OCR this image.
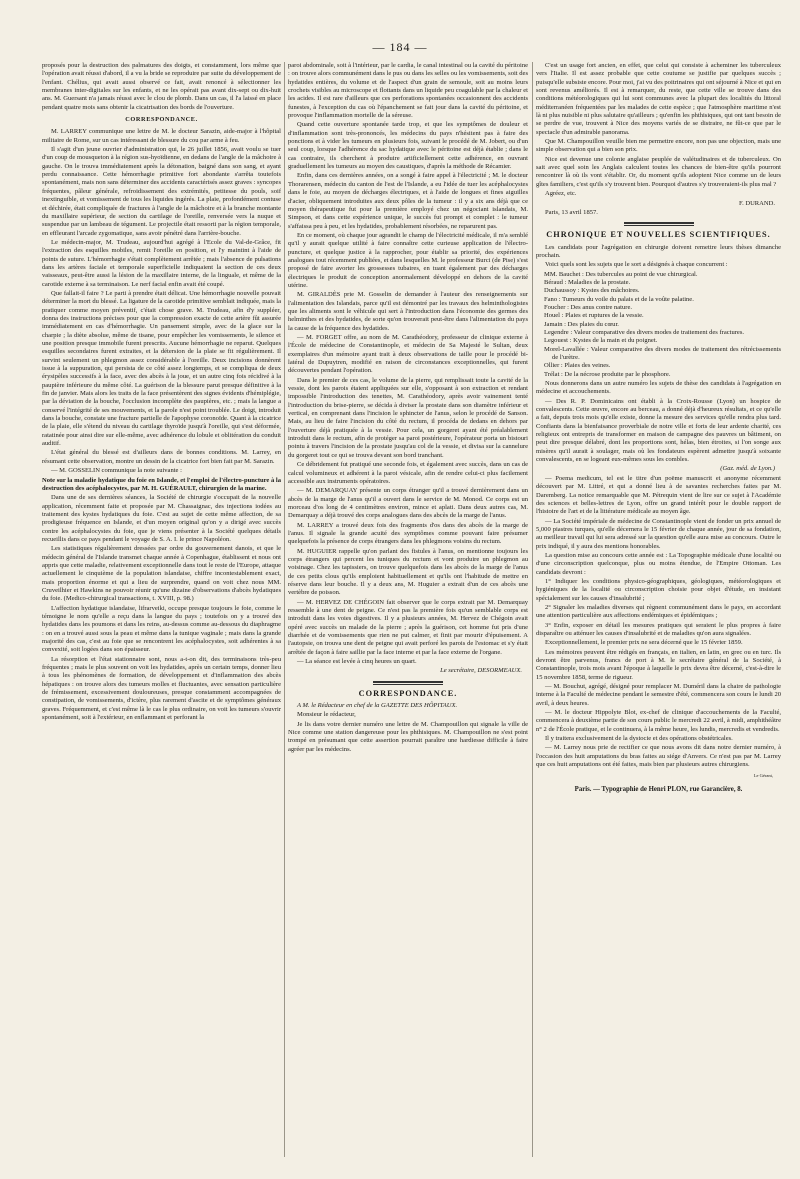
— 184 —

proposés pour la destruction des palmatures des doigts, et constamment, lors même que l'opération avait réussi d'abord, il a vu la bride se reproduire par suite du développement de l'enfant. Chélius, qui avait aussi observé ce fait, avait renoncé à sélectionner les membranes inter-digitales sur les enfants, et ne les opérait pas avant dix-sept ou dix-huit ans. M. Guersant n'a jamais réussi avec le clou de plomb. Dans un cas, il l'a laissé en place pendant quatre mois sans obtenir la cicatrisation des bords de l'ouverture.

CORRESPONDANCE.

M. LARREY communique une lettre de M. le docteur Sarazin, aide-major à l'hôpital militaire de Rome, sur un cas intéressant de blessure du cou par arme à feu.

Il s'agit d'un jeune ouvrier d'administration qui, le 26 juillet 1856, avait voulu se tuer d'un coup de mousqueton à la région sus-hyoïdienne, en dedans de l'angle de la mâchoire à gauche. On le trouva immédiatement après la détonation, baigné dans son sang, et ayant perdu connaissance. Cette hémorrhagie primitive fort abondante s'arrêta toutefois spontanément, mais non sans déterminer des accidents caractérisés assez graves : syncopes fréquentes, pâleur générale, refroidissement des extrémités, petitesse du pouls, soif inextinguible, et vomissement de tous les liquides ingérés. La plaie, profondément contuse et déchirée, était compliquée de fractures à l'angle de la mâchoire et à la branche montante du maxillaire supérieur, de section du cartilage de l'oreille, renversée vers la nuque et suspendue par un lambeau de tégument. Le projectile était ressorti par la région temporale, en effleurant l'arcade zygomatique, sans avoir pénétré dans l'arrière-bouche.

Le médecin-major, M. Trudeau, aujourd'hui agrégé à l'Ecole du Val-de-Grâce, fit l'extraction des esquilles mobiles, remit l'oreille en position, et l'y maintint à l'aide de points de suture. L'hémorrhagie s'était complètement arrêtée ; mais l'absence de pulsations dans les artères faciale et temporale superficielle indiquaient la section de ces deux vaisseaux, peut-être aussi la lésion de la maxillaire interne, de la linguale, et même de la carotide externe à sa terminaison. Le nerf facial enfin avait été coupé.

Que fallait-il faire ? Le parti à prendre était délicat. Une hémorrhagie nouvelle pouvait déterminer la mort du blessé. La ligature de la carotide primitive semblait indiquée, mais la pratiquer comme moyen préventif, c'était chose grave. M. Trudeau, afin d'y suppléer, donna des instructions précises pour que la compression exacte de cette artère fût assurée immédiatement en cas d'hémorrhagie. Un pansement simple, avec de la glace sur la charpie ; la diète absolue, même de tisane, pour empêcher les vomissements, le silence et une position presque immobile furent prescrits. Aucune hémorrhagie ne reparut. Quelques esquilles secondaires furent extraites, et la détersion de la plaie se fit régulièrement. Il survint seulement un phlegmon assez considérable à l'oreille. Deux incisions donnèrent issue à la suppuration, qui persista de ce côté assez longtemps, et se compliqua de deux érysipèles successifs à la face, avec des abcès à la joue, et un autre cinq fois récidivé à la paupière inférieure du même côté. La guérison de la blessure parut presque définitive à la fin de janvier. Mais alors les traits de la face présentèrent des signes évidents d'hémiplégie, par la déviation de la bouche, l'occlusion incomplète des paupières, etc. ; mais la langue a conservé l'intégrité de ses mouvements, et la parole n'est point troublée. Le doigt, introduit dans la bouche, constate une fracture partielle de l'apophyse coronoïde. Quant à la cicatrice de la plaie, elle s'étend du niveau du cartilage thyroïde jusqu'à l'oreille, qui s'est déformée, ratatinée pour ainsi dire sur elle-même, avec adhérence du lobule et oblitération du conduit auditif.

L'état général du blessé est d'ailleurs dans de bonnes conditions. M. Larrey, en résumant cette observation, montre un dessin de la cicatrice fort bien fait par M. Sarazin.

— M. GOSSELIN communique la note suivante :

Note sur la maladie hydatique du foie en Islande, et l'emploi de l'électro-puncture à la destruction des acéphalocystes, par M. H. GUÉRAULT, chirurgien de la marine.

Dans une de ses dernières séances, la Société de chirurgie s'occupait de la nouvelle application, récemment faite et proposée par M. Chassaignac, des injections iodées au traitement des kystes hydatiques du foie. C'est au sujet de cette même affection, de sa prodigieuse fréquence en Islande, et d'un moyen original qu'on y a dirigé avec succès contre les acéphalocystes du foie, que je viens présenter à la Société quelques détails recueillis dans ce pays pendant le voyage de S. A. I. le prince Napoléon.

Les statistiques régulièrement dressées par ordre du gouvernement danois, et que le médecin général de l'Islande transmet chaque année à Copenhague, établissent et nous ont appris que cette maladie, relativement exceptionnelle dans tout le reste de l'Europe, attaque actuellement le cinquième de la population islandaise, chiffre incontestablement exact, mais proportion énorme et qui a lieu de surprendre, quand on voit chez nous MM. Cruveilhier et Hawkins ne pouvoir réunir qu'une dizaine d'observations d'abcès hydatiques du foie. (Medico-chirurgical transactions, t. XVIII, p. 98.)

L'affection hydatique islandaise, lifrarveiki, occupe presque toujours le foie, comme le témoigne le nom qu'elle a reçu dans la langue du pays ; toutefois on y a trouvé des hydatides dans les poumons et dans les reins, au-dessus comme au-dessous du diaphragme : on en a trouvé aussi sous la peau et même dans la tunique vaginale ; mais dans la grande majorité des cas, c'est au foie que se rencontrent les acéphalocystes, soit adhérentes à sa convexité, soit logées dans son épaisseur.

La résorption et l'état stationnaire sont, nous a-t-on dit, des terminaisons très-peu fréquentes ; mais le plus souvent on voit les hydatides, après un certain temps, donner lieu à tous les phénomènes de formation, de développement et d'inflammation des abcès hépatiques : on trouve alors des tumeurs molles et fluctuantes, avec sensation particulière de frémissement, excessivement douloureuses, presque constamment accompagnées de constipation, de vomissements, d'ictère, plus rarement d'ascite et de symptômes généraux graves. Fréquemment, et c'est même là le cas le plus ordinaire, on voit les tumeurs s'ouvrir spontanément, soit à l'extérieur, en enflammant et perforant la

paroi abdominale, soit à l'intérieur, par le cardia, le canal intestinal ou la cavité du péritoine : on trouve alors communément dans le pus ou dans les selles ou les vomissements, soit des hydatides entières, du volume et de l'aspect d'un grain de semoule, soit au moins leurs crochets visibles au microscope et flottants dans un liquide peu coagulable par la chaleur et les acides. Il est rare d'ailleurs que ces perforations spontanées occasionnent des accidents funestes, à l'exception du cas où l'épanchement se fait jour dans la cavité du péritoine, et provoque l'inflammation mortelle de la séreuse.

Quand cette ouverture spontanée tarde trop, et que les symptômes de douleur et d'inflammation sont très-prononcés, les médecins du pays n'hésitent pas à faire des ponctions et à vider les tumeurs en plusieurs fois, suivant le procédé de M. Jobert, ou d'un seul coup, lorsque l'adhérence du sac hydatique avec le péritoine est déjà établie ; dans le cas contraire, ils cherchent à produire artificiellement cette adhérence, en ouvrant graduellement les tumeurs au moyen des caustiques, d'après la méthode de Récamier.

Enfin, dans ces dernières années, on a songé à faire appel à l'électricité ; M. le docteur Thorarensen, médecin du canton de l'est de l'Islande, a eu l'idée de tuer les acéphalocystes dans le foie, au moyen de décharges électriques, et à l'aide de longues et fines aiguilles d'acier, obliquement introduites aux deux pôles de la tumeur : il y a six ans déjà que ce moyen thérapeutique fut pour la première employé chez un négociant islandais, M. Simpson, et dans cette expérience unique, le succès fut prompt et complet : le tumeur s'affaissa peu à peu, et les hydatides, probablement résorbées, ne reparurent pas.

En ce moment, où chaque jour agrandit le champ de l'électricité médicale, il m'a semblé qu'il y aurait quelque utilité à faire connaître cette curieuse application de l'électro-puncture, et quelque justice à la rapprocher, pour établir sa priorité, des expériences analogues tout récemment publiées, et dans lesquelles M. le professeur Burci (de Pise) s'est proposé de faire avorter les grossesses tubaires, en tuant également par des décharges électriques le produit de conception anormalement développé en dehors de la cavité utérine.

M. GIRALDÈS prie M. Gosselin de demander à l'auteur des renseignements sur l'alimentation des Islandais, parce qu'il est démontré par les travaux des helminthologistes que les aliments sont le véhicule qui sert à l'introduction dans l'économie des germes des helminthes et des hydatides, de sorte qu'on trouverait peut-être dans l'alimentation du pays la cause de la fréquence des hydatides.

— M. FORGET offre, au nom de M. Carathéodory, professeur de clinique externe à l'École de médecine de Constantinople, et médecin de Sa Majesté le Sultan, deux exemplaires d'un mémoire ayant trait à deux observations de taille pour le procédé bi-latéral de Dupuytren, modifié en raison de circonstances exceptionnelles, qui furent découvertes pendant l'opération.

Dans le premier de ces cas, le volume de la pierre, qui remplissait toute la cavité de la vessie, dont les parois étaient appliquées sur elle, s'opposant à son extraction et rendant impossible l'introduction des tenettes, M. Carathéodory, après avoir vainement tenté l'introduction du brise-pierre, se décida à diviser la prostate dans son diamètre inférieur et vertical, en comprenant dans l'incision le sphincter de l'anus, selon le procédé de Sanson. Mais, au lieu de faire l'incision du côté du rectum, il procéda de dedans en dehors par l'ouverture déjà pratiquée à la vessie. Pour cela, un gorgeret ayant été préalablement introduit dans le rectum, afin de protéger sa paroi postérieure, l'opérateur porta un bistouri pointu à travers l'incision de la prostate jusqu'au col de la vessie, et divisa sur la cannelure du gorgeret tout ce qui se trouva devant son bord tranchant.

Ce débridement fut pratiqué une seconde fois, et également avec succès, dans un cas de calcul volumineux et adhérent à la paroi vésicale, afin de rendre celui-ci plus facilement accessible aux instruments opératoires.

— M. DEMARQUAY présente un corps étranger qu'il a trouvé dernièrement dans un abcès de la marge de l'anus qu'il a ouvert dans le service de M. Monod. Ce corps est un morceau d'os long de 4 centimètres environ, mince et aplati. Dans deux autres cas, M. Demarquay a déjà trouvé des corps analogues dans des abcès de la marge de l'anus.

M. LARREY a trouvé deux fois des fragments d'os dans des abcès de la marge de l'anus. Il signale la grande acuité des symptômes comme pouvant faire présumer quelquefois la présence de corps étrangers dans les phlegmons voisins du rectum.

M. HUGUIER rappelle qu'on parlant des fistules à l'anus, on mentionne toujours les corps étrangers qui percent les tuniques du rectum et vont produire un phlegmon au voisinage. Chez les tapissiers, on trouve quelquefois dans les abcès de la marge de l'anus de ces petits clous qu'ils emploient habituellement et qu'ils ont l'habitude de mettre en réserve dans leur bouche. Il y a deux ans, M. Huguier a extrait d'un de ces abcès une vertèbre de poisson.

— M. HERVEZ DE CHÉGOIN fait observer que le corps extrait par M. Demarquay ressemble à une dent de peigne. Ce n'est pas la première fois qu'un semblable corps est introduit dans les voies digestives. Il y a plusieurs années, M. Hervez de Chégoin avait opéré avec succès un malade de la pierre ; après la guérison, cet homme fut pris d'une diarrhée et de vomissements que rien ne put calmer, et finit par mourir d'épuisement. A l'autopsie, on trouva une dent de peigne qui avait perforé les parois de l'estomac et s'y était arrêtée de façon à faire saillie par la face interne et par la face externe de l'organe.

— La séance est levée à cinq heures un quart.

Le secrétaire, DESORMEAUX.

CORRESPONDANCE.

A M. le Rédacteur en chef de la GAZETTE DES HÔPITAUX.

Monsieur le rédacteur,

Je lis dans votre dernier numéro une lettre de M. Champouillon qui signale la ville de Nice comme une station dangereuse pour les phthisiques. M. Champouillon ne s'est point trompé en présumant que cette assertion pourrait paraître une hardiesse difficile à faire agréer par les médecins.

C'est un usage fort ancien, en effet, que celui qui consiste à acheminer les tuberculeux vers l'Italie. Il est assez probable que cette coutume se justifie par quelques succès ; puisqu'elle subsiste encore. Pour moi, j'ai vu des poitrinaires qui ont séjourné à Nice et qui en sont revenus améliorés. Il est à remarquer, du reste, que cette ville se trouve dans des conditions météorologiques qui lui sont communes avec la plupart des localités du littoral méditerranéen fréquentées par les malades de cette espèce ; que l'atmosphère maritime n'est là ni plus nuisible ni plus salutaire qu'ailleurs ; qu'enfin les phthisiques, qui ont tant besoin de se perdre de vue, trouvent à Nice des moyens variés de se distraire, ne fût-ce que par le spectacle d'un admirable panorama.

Que M. Champouillon veuille bien me permettre encore, non pas une objection, mais une simple observation qui a bien son prix.

Nice est devenue une colonie anglaise peuplée de valétudinaires et de tuberculeux. On sait avec quel soin les Anglais calculent toutes les chances de bien-être qu'ils pourront rencontrer là où ils vont s'établir. Or, du moment qu'ils adoptent Nice comme un de leurs gîtes familiers, c'est qu'ils s'y trouvent bien. Pourquoi d'autres s'y trouveraient-ils plus mal ?

Agréez, etc.

F. DURAND.

Paris, 13 avril 1857.

CHRONIQUE ET NOUVELLES SCIENTIFIQUES.

Les candidats pour l'agrégation en chirurgie doivent remettre leurs thèses dimanche prochain.

Voici quels sont les sujets que le sort a désignés à chaque concurrent :

MM. Bauchet : Des tubercules au point de vue chirurgical.

Béraud : Maladies de la prostate.

Duchaussoy : Kystes des mâchoires.

Fano : Tumeurs du voile du palais et de la voûte palatine.

Foucher : Des anus contre nature.

Houel : Plaies et ruptures de la vessie.

Jamain : Des plaies du cœur.

Legendre : Valeur comparative des divers modes de traitement des fractures.

Legouest : Kystes de la main et du poignet.

Morel-Lavallée : Valeur comparative des divers modes de traitement des rétrécissements de l'urètre.

Ollier : Plaies des veines.

Trélat : De la nécrose produite par le phosphore.

Nous donnerons dans un autre numéro les sujets de thèse des candidats à l'agrégation en médecine et accouchements.

— Des R. P. Dominicains ont établi à la Croix-Rousse (Lyon) un hospice de convalescents. Cette œuvre, encore au berceau, a donné déjà d'heureux résultats, et ce qu'elle a fait, depuis trois mois qu'elle existe, donne la mesure des services qu'elle rendra plus tard. Confiants dans la bienfaisance proverbiale de notre ville et forts de leur ardente charité, ces religieux ont entrepris de transformer en maison de campagne des pauvres un bâtiment, on peut dire presque délabré, dont les proportions sont, hélas, bien étroites, si l'on songe aux misères qu'il aurait à soulager, mais où les fondateurs espèrent admettre jusqu'à soixante convalescents, en se logeant eux-mêmes sous les combles.

(Gaz. méd. de Lyon.)

— Poema medicum, tel est le titre d'un poëme manuscrit et anonyme récemment découvert par M. Littré, et qui a donné lieu à de savantes recherches faites par M. Daremberg. La notice remarquable que M. Pétrequin vient de lire sur ce sujet à l'Académie des sciences et belles-lettres de Lyon, offre un grand intérêt pour le double rapport de l'histoire de l'art et de la littérature médicale au moyen âge.

— La Société impériale de médecine de Constantinople vient de fonder un prix annuel de 5,000 piastres turques, qu'elle décernera le 15 février de chaque année, jour de sa fondation, au meilleur travail qui lui sera adressé sur la question qu'elle aura mise au concours. Outre le prix indiqué, il y aura des mentions honorables.

La question mise au concours cette année est : La Topographie médicale d'une localité ou d'une circonscription quelconque, plus ou moins étendue, de l'Empire Ottoman. Les candidats devront :

1° Indiquer les conditions physico-géographiques, géologiques, météorologiques et hygiéniques de la localité ou circonscription choisie pour objet d'étude, en insistant spécialement sur les causes d'insalubrité ;

2° Signaler les maladies diverses qui règnent communément dans le pays, en accordant une attention particulière aux affections endémiques et épidémiques ;

3° Enfin, exposer en détail les mesures pratiques qui seraient le plus propres à faire disparaître ou atténuer les causes d'insalubrité et de maladies qu'on aura signalées.

Exceptionnellement, le premier prix ne sera décerné que le 15 février 1859.

Les mémoires peuvent être rédigés en français, en italien, en latin, en grec ou en turc. Ils devront être parvenus, francs de port à M. le secrétaire général de la Société, à Constantinople, trois mois avant l'époque à laquelle le prix devra être décerné, c'est-à-dire le 15 novembre 1858, terme de rigueur.

— M. Bouchut, agrégé, désigné pour remplacer M. Duméril dans la chaire de pathologie interne à la Faculté de médecine pendant le semestre d'été, commencera son cours le lundi 20 avril, à deux heures.

— M. le docteur Hippolyte Blot, ex-chef de clinique d'accouchements de la Faculté, commencera à deuxième partie de son cours public le mercredi 22 avril, à midi, amphithéâtre n° 2 de l'École pratique, et le continuera, à la même heure, les lundis, mercredis et vendredis.

Il y traitera exclusivement de la dystocie et des opérations obstétricales.

— M. Larrey nous prie de rectifier ce que nous avons dit dans notre dernier numéro, à l'occasion des huit amputations du bras faites au siége d'Anvers. Ce n'est pas par M. Larrey que ces huit amputations ont été faites, mais bien par plusieurs autres chirurgiens.

Le Gérant,

Paris. — Typographie de Henri PLON, rue Garancière, 8.
